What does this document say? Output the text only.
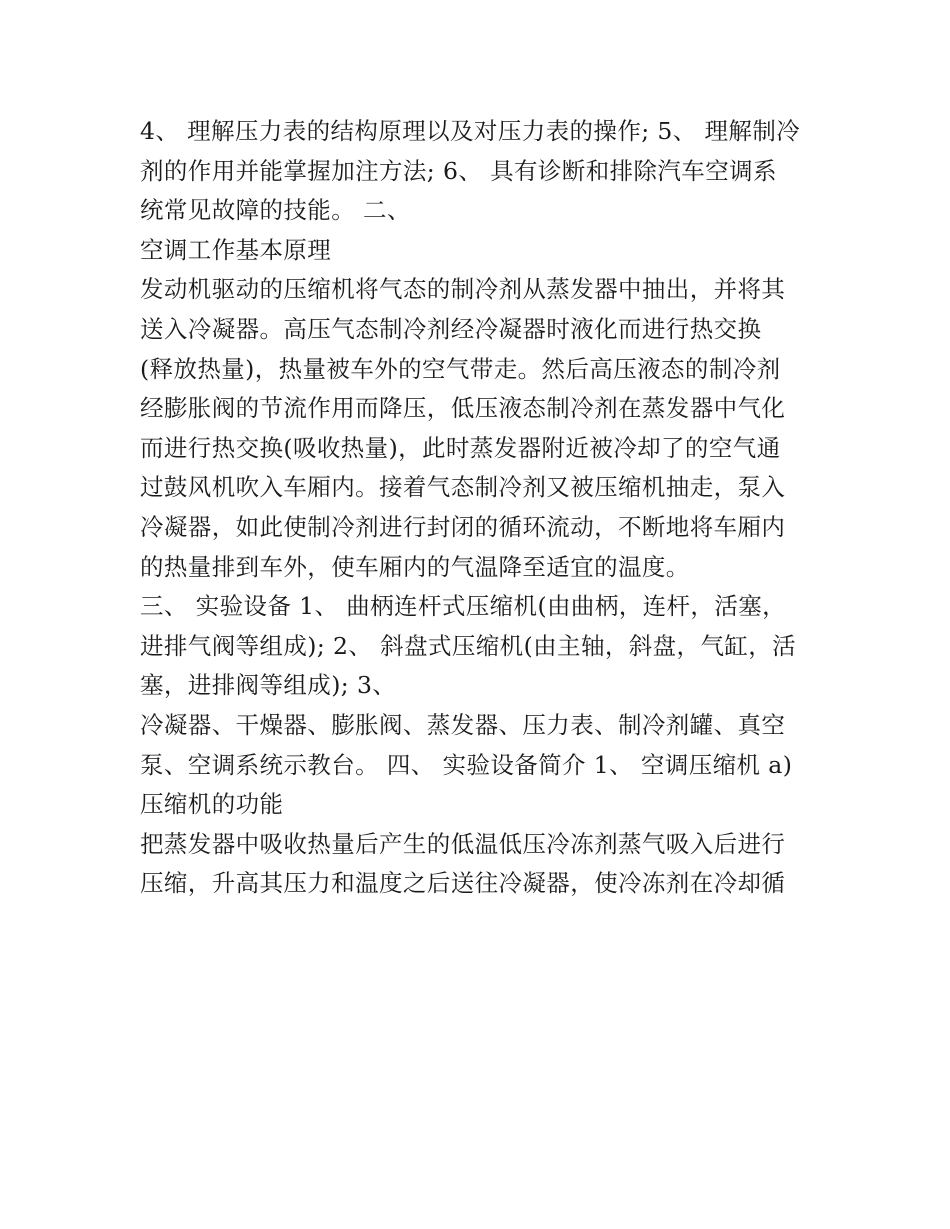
4、 理解压力表的结构原理以及对压力表的操作; 5、 理解制冷
剂的作用并能掌握加注方法; 6、 具有诊断和排除汽车空调系
统常见故障的技能。 二、
空调工作基本原理
发动机驱动的压缩机将气态的制冷剂从蒸发器中抽出，并将其
送入冷凝器。高压气态制冷剂经冷凝器时液化而进行热交换
(释放热量)，热量被车外的空气带走。然后高压液态的制冷剂
经膨胀阀的节流作用而降压，低压液态制冷剂在蒸发器中气化
而进行热交换(吸收热量)，此时蒸发器附近被冷却了的空气通
过鼓风机吹入车厢内。接着气态制冷剂又被压缩机抽走，泵入
冷凝器，如此使制冷剂进行封闭的循环流动，不断地将车厢内
的热量排到车外，使车厢内的气温降至适宜的温度。
三、 实验设备 1、 曲柄连杆式压缩机(由曲柄，连杆，活塞，
进排气阀等组成); 2、 斜盘式压缩机(由主轴，斜盘，气缸，活
塞，进排阀等组成); 3、
冷凝器、干燥器、膨胀阀、蒸发器、压力表、制冷剂罐、真空
泵、空调系统示教台。 四、 实验设备简介 1、 空调压缩机 a)
压缩机的功能
把蒸发器中吸收热量后产生的低温低压冷冻剂蒸气吸入后进行
压缩，升高其压力和温度之后送往冷凝器，使冷冻剂在冷却循
